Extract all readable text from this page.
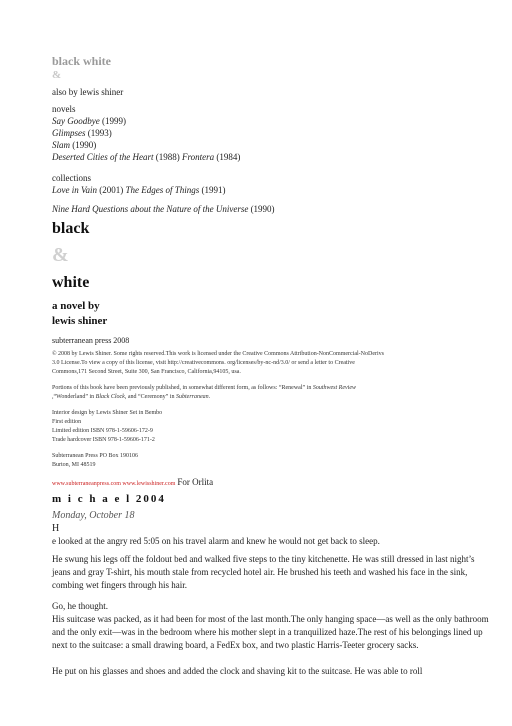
black white
&
also by lewis shiner
novels
Say Goodbye (1999)
Glimpses (1993)
Slam (1990)
Deserted Cities of the Heart (1988) Frontera (1984)
collections
Love in Vain (2001) The Edges of Things (1991)
Nine Hard Questions about the Nature of the Universe (1990)
black
&
white
a novel by
lewis shiner
subterranean press 2008
© 2008 by Lewis Shiner. Some rights reserved.This work is licensed under the Creative Commons Attribution-NonCommercial-NoDerivs
3.0 License.To view a copy of this license, visit http://creativecommons. org/licenses/by-nc-nd/3.0/ or send a letter to Creative
Commons,171 Second Street, Suite 300, San Francisco, California,94105, usa.
Portions of this book have been previously published, in somewhat different form, as follows: “Renewal” in Southwest Review
,“Wonderland” in Black Clock, and “Ceremony” in Subterranean.
Interior design by Lewis Shiner Set in Bembo
First edition
Limited edition ISBN 978-1-59606-172-9
Trade hardcover ISBN 978-1-59606-171-2
Subterranean Press PO Box 190106
Burton, MI 48519
www.subterraneanpress.com www.lewisshiner.com For Orlita
m i c h a e l 2004
Monday, October 18
H
e looked at the angry red 5:05 on his travel alarm and knew he would not get back to sleep.
He swung his legs off the foldout bed and walked five steps to the tiny kitchenette. He was still dressed in last night’s jeans and gray T-shirt, his mouth stale from recycled hotel air. He brushed his teeth and washed his face in the sink, combing wet fingers through his hair.
Go, he thought.
His suitcase was packed, as it had been for most of the last month.The only hanging space—as well as the only bathroom and the only exit—was in the bedroom where his mother slept in a tranquilized haze.The rest of his belongings lined up next to the suitcase: a small drawing board, a FedEx box, and two plastic Harris-Teeter grocery sacks.
He put on his glasses and shoes and added the clock and shaving kit to the suitcase. He was able to roll
